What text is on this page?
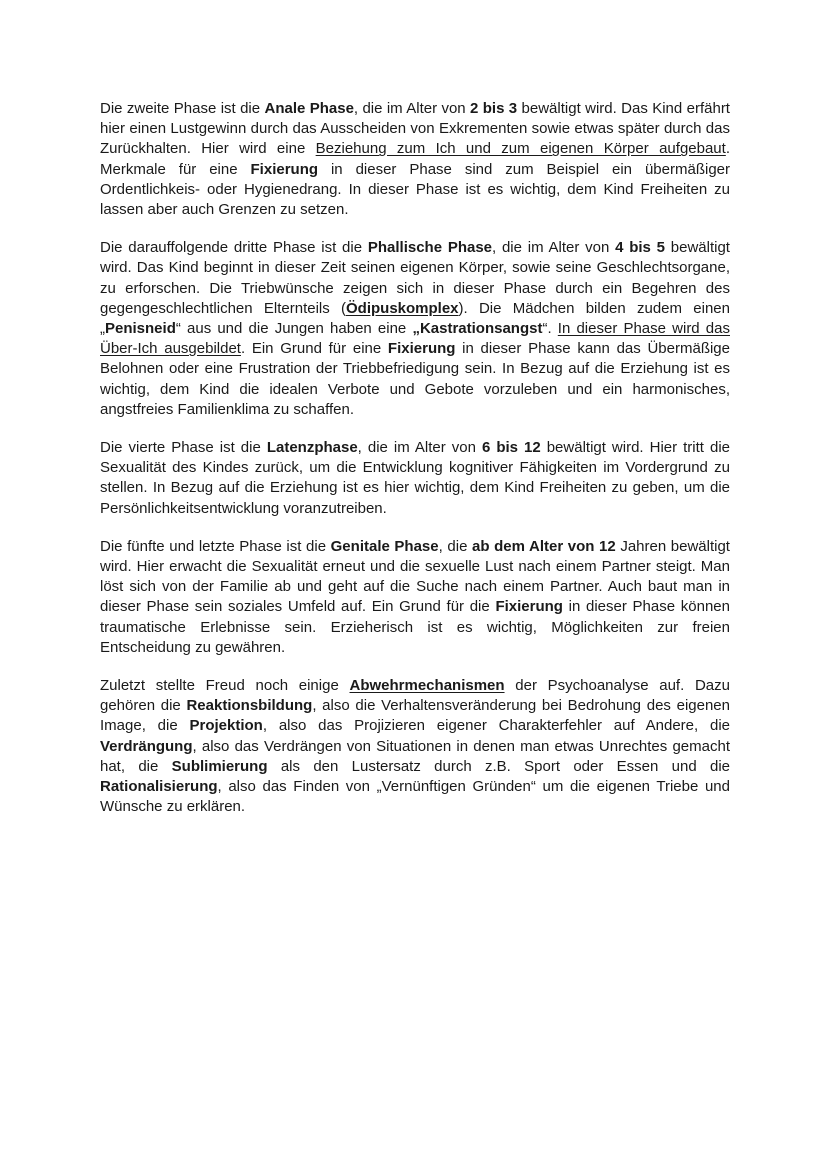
Die zweite Phase ist die Anale Phase, die im Alter von 2 bis 3 bewältigt wird. Das Kind erfährt hier einen Lustgewinn durch das Ausscheiden von Exkrementen sowie etwas später durch das Zurückhalten. Hier wird eine Beziehung zum Ich und zum eigenen Körper aufgebaut. Merkmale für eine Fixierung in dieser Phase sind zum Beispiel ein übermäßiger Ordentlichkeis- oder Hygienedrang. In dieser Phase ist es wichtig, dem Kind Freiheiten zu lassen aber auch Grenzen zu setzen.

Die darauffolgende dritte Phase ist die Phallische Phase, die im Alter von 4 bis 5 bewältigt wird. Das Kind beginnt in dieser Zeit seinen eigenen Körper, sowie seine Geschlechtsorgane, zu erforschen. Die Triebwünsche zeigen sich in dieser Phase durch ein Begehren des gegengeschlechtlichen Elternteils (Ödipuskomplex). Die Mädchen bilden zudem einen „Penisneid“ aus und die Jungen haben eine „Kastrationsangst“. In dieser Phase wird das Über-Ich ausgebildet. Ein Grund für eine Fixierung in dieser Phase kann das Übermäßige Belohnen oder eine Frustration der Triebbefriedigung sein. In Bezug auf die Erziehung ist es wichtig, dem Kind die idealen Verbote und Gebote vorzuleben und ein harmonisches, angstfreies Familienklima zu schaffen.

Die vierte Phase ist die Latenzphase, die im Alter von 6 bis 12 bewältigt wird. Hier tritt die Sexualität des Kindes zurück, um die Entwicklung kognitiver Fähigkeiten im Vordergrund zu stellen. In Bezug auf die Erziehung ist es hier wichtig, dem Kind Freiheiten zu geben, um die Persönlichkeitsentwicklung voranzutreiben.

Die fünfte und letzte Phase ist die Genitale Phase, die ab dem Alter von 12 Jahren bewältigt wird. Hier erwacht die Sexualität erneut und die sexuelle Lust nach einem Partner steigt. Man löst sich von der Familie ab und geht auf die Suche nach einem Partner. Auch baut man in dieser Phase sein soziales Umfeld auf. Ein Grund für die Fixierung in dieser Phase können traumatische Erlebnisse sein. Erzieherisch ist es wichtig, Möglichkeiten zur freien Entscheidung zu gewähren.

Zuletzt stellte Freud noch einige Abwehrmechanismen der Psychoanalyse auf. Dazu gehören die Reaktionsbildung, also die Verhaltensveränderung bei Bedrohung des eigenen Image, die Projektion, also das Projizieren eigener Charakterfehler auf Andere, die Verdrängung, also das Verdrängen von Situationen in denen man etwas Unrechtes gemacht hat, die Sublimierung als den Lustersatz durch z.B. Sport oder Essen und die Rationalisierung, also das Finden von „Vernünftigen Gründen“ um die eigenen Triebe und Wünsche zu erklären.
